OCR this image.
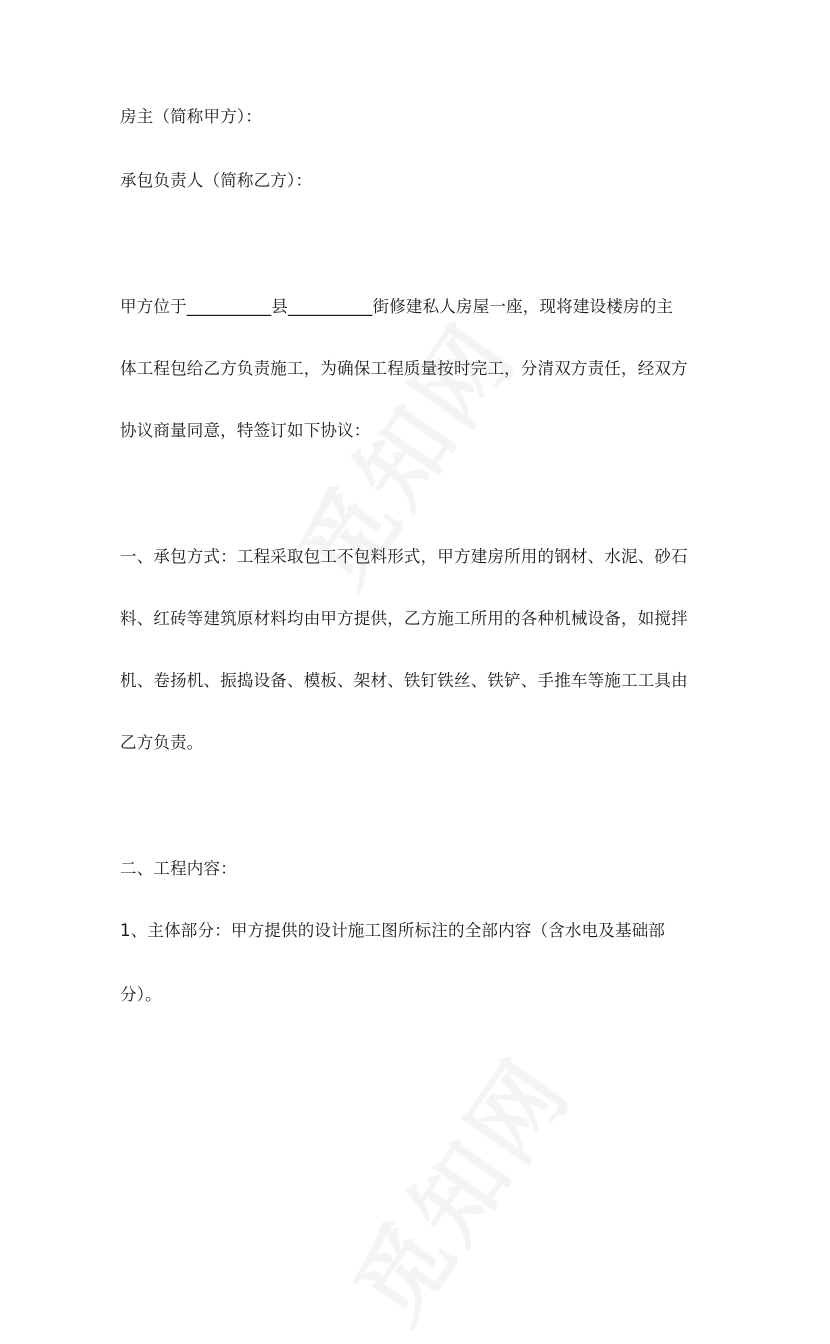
房主（简称甲方）：
承包负责人（简称乙方）：
甲方位于__________县__________街修建私人房屋一座，现将建设楼房的主
体工程包给乙方负责施工，为确保工程质量按时完工，分清双方责任，经双方
协议商量同意，特签订如下协议：
一、承包方式：工程采取包工不包料形式，甲方建房所用的钢材、水泥、砂石
料、红砖等建筑原材料均由甲方提供，乙方施工所用的各种机械设备，如搅拌
机、卷扬机、振捣设备、模板、架材、铁钉铁丝、铁铲、手推车等施工工具由
乙方负责。
二、工程内容：
1、主体部分：甲方提供的设计施工图所标注的全部内容（含水电及基础部
分）。
